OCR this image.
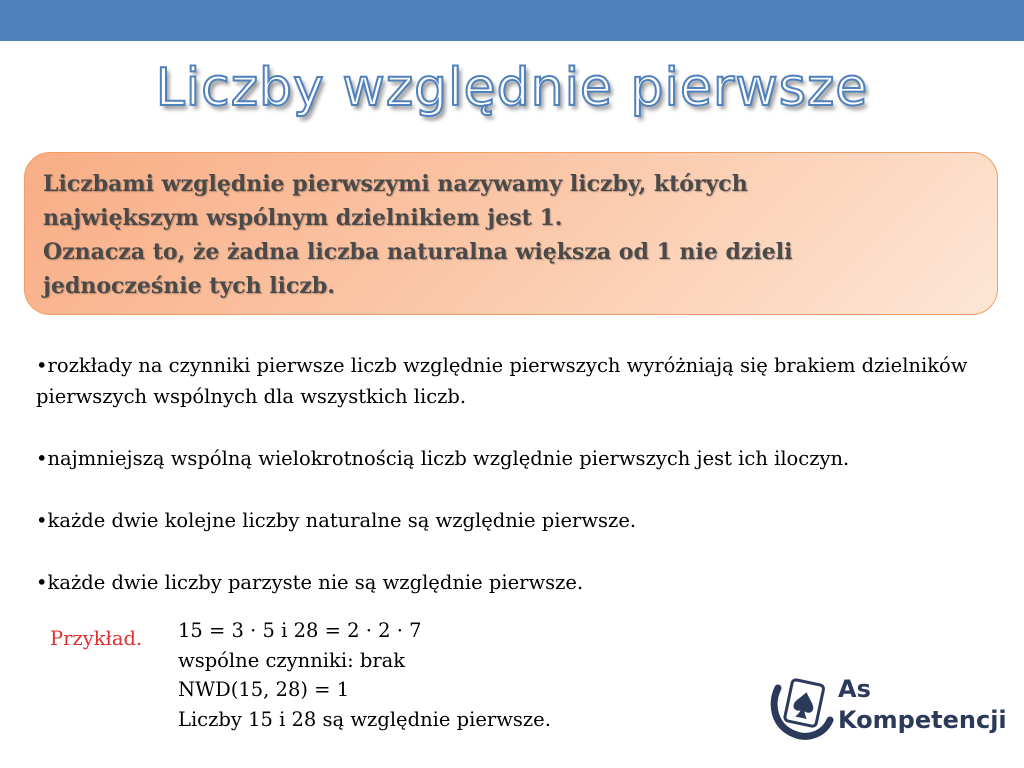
Liczby względnie pierwsze

Liczbami względnie pierwszymi nazywamy liczby, których

największym wspólnym dzielnikiem jest 1.

Oznacza to, że żadna liczba naturalna większa od 1 nie dzieli

jednocześnie tych liczb.

•rozkłady na czynniki pierwsze liczb względnie pierwszych wyróżniają się brakiem dzielników pierwszych wspólnych dla wszystkich liczb.

•najmniejszą wspólną wielokrotnością liczb względnie pierwszych jest ich iloczyn.

•każde dwie kolejne liczby naturalne są względnie pierwsze.

•każde dwie liczby parzyste nie są względnie pierwsze.

Przykład. 15 = 3 · 5 i 28 = 2 · 2 · 7

wspólne czynniki: brak

NWD(15, 28) = 1

Liczby 15 i 28 są względnie pierwsze.

As
Kompetencji
